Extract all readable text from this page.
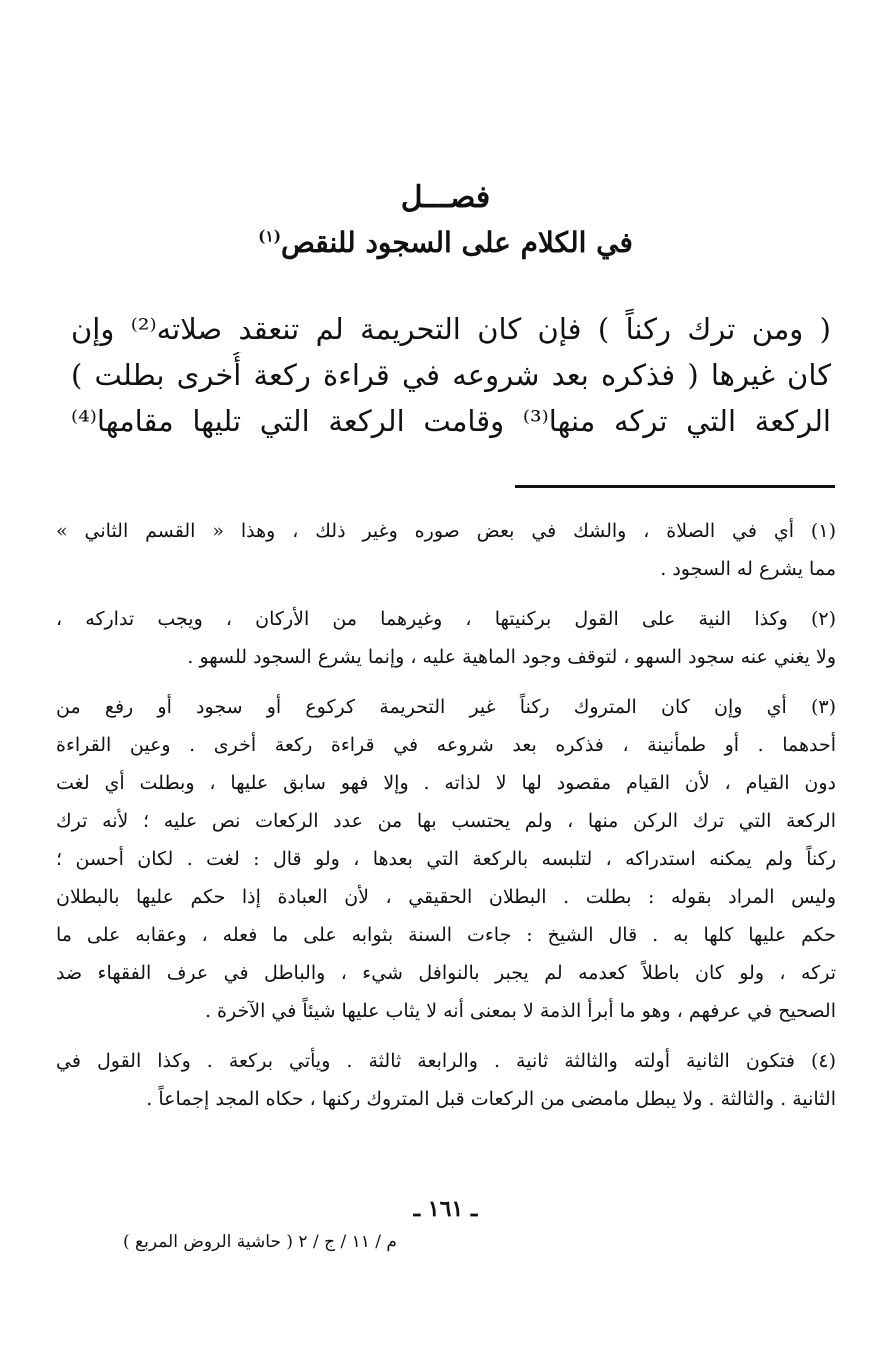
فصـــل
في الكلام على السجود للنقص$^{(١)}$
( ومن ترك ركناً ) فإن كان التحريمة لم تنعقد صلاته⁽²⁾ وإن
كان غيرها ( فذكره بعد شروعه في قراءة ركعة أُخرى بطلت )
الركعة التي تركه منها⁽³⁾ وقامت الركعة التي تليها مقامها⁽⁴⁾
(١) أي في الصلاة ، والشك في بعض صوره وغير ذلك ، وهذا « القسم الثاني »
مما يشرع له السجود .
(٢) وكذا النية على القول بركنيتها ، وغيرهما من الأركان ، ويجب تداركه ،
ولا يغني عنه سجود السهو ، لتوقف وجود الماهية عليه ، وإنما يشرع السجود للسهو .
(٣) أي وإن كان المتروك ركناً غير التحريمة كركوع أو سجود أو رفع من
أحدهما . أو طمأنينة ، فذكره بعد شروعه في قراءة ركعة أخرى . وعين القراءة
دون القيام ، لأن القيام مقصود لها لا لذاته . وإلا فهو سابق عليها ، وبطلت أي لغت
الركعة التي ترك الركن منها ، ولم يحتسب بها من عدد الركعات نص عليه ؛ لأنه ترك
ركناً ولم يمكنه استدراكه ، لتلبسه بالركعة التي بعدها ، ولو قال : لغت . لكان أحسن ؛
وليس المراد بقوله : بطلت . البطلان الحقيقي ، لأن العبادة إذا حكم عليها بالبطلان
حكم عليها كلها به . قال الشيخ : جاءت السنة بثوابه على ما فعله ، وعقابه على ما
تركه ، ولو كان باطلاً كعدمه لم يجبر بالنوافل شيء ، والباطل في عرف الفقهاء ضد
الصحيح في عرفهم ، وهو ما أبرأ الذمة لا بمعنى أنه لا يثاب عليها شيئاً في الآخرة .
(٤) فتكون الثانية أولته والثالثة ثانية . والرابعة ثالثة . ويأتي بركعة . وكذا القول في
الثانية . والثالثة . ولا يبطل مامضى من الركعات قبل المتروك ركنها ، حكاه المجد إجماعاً .
ـ ١٦١ ـ
م / ١١ / ج / ٢ ( حاشية الروض المربع )
